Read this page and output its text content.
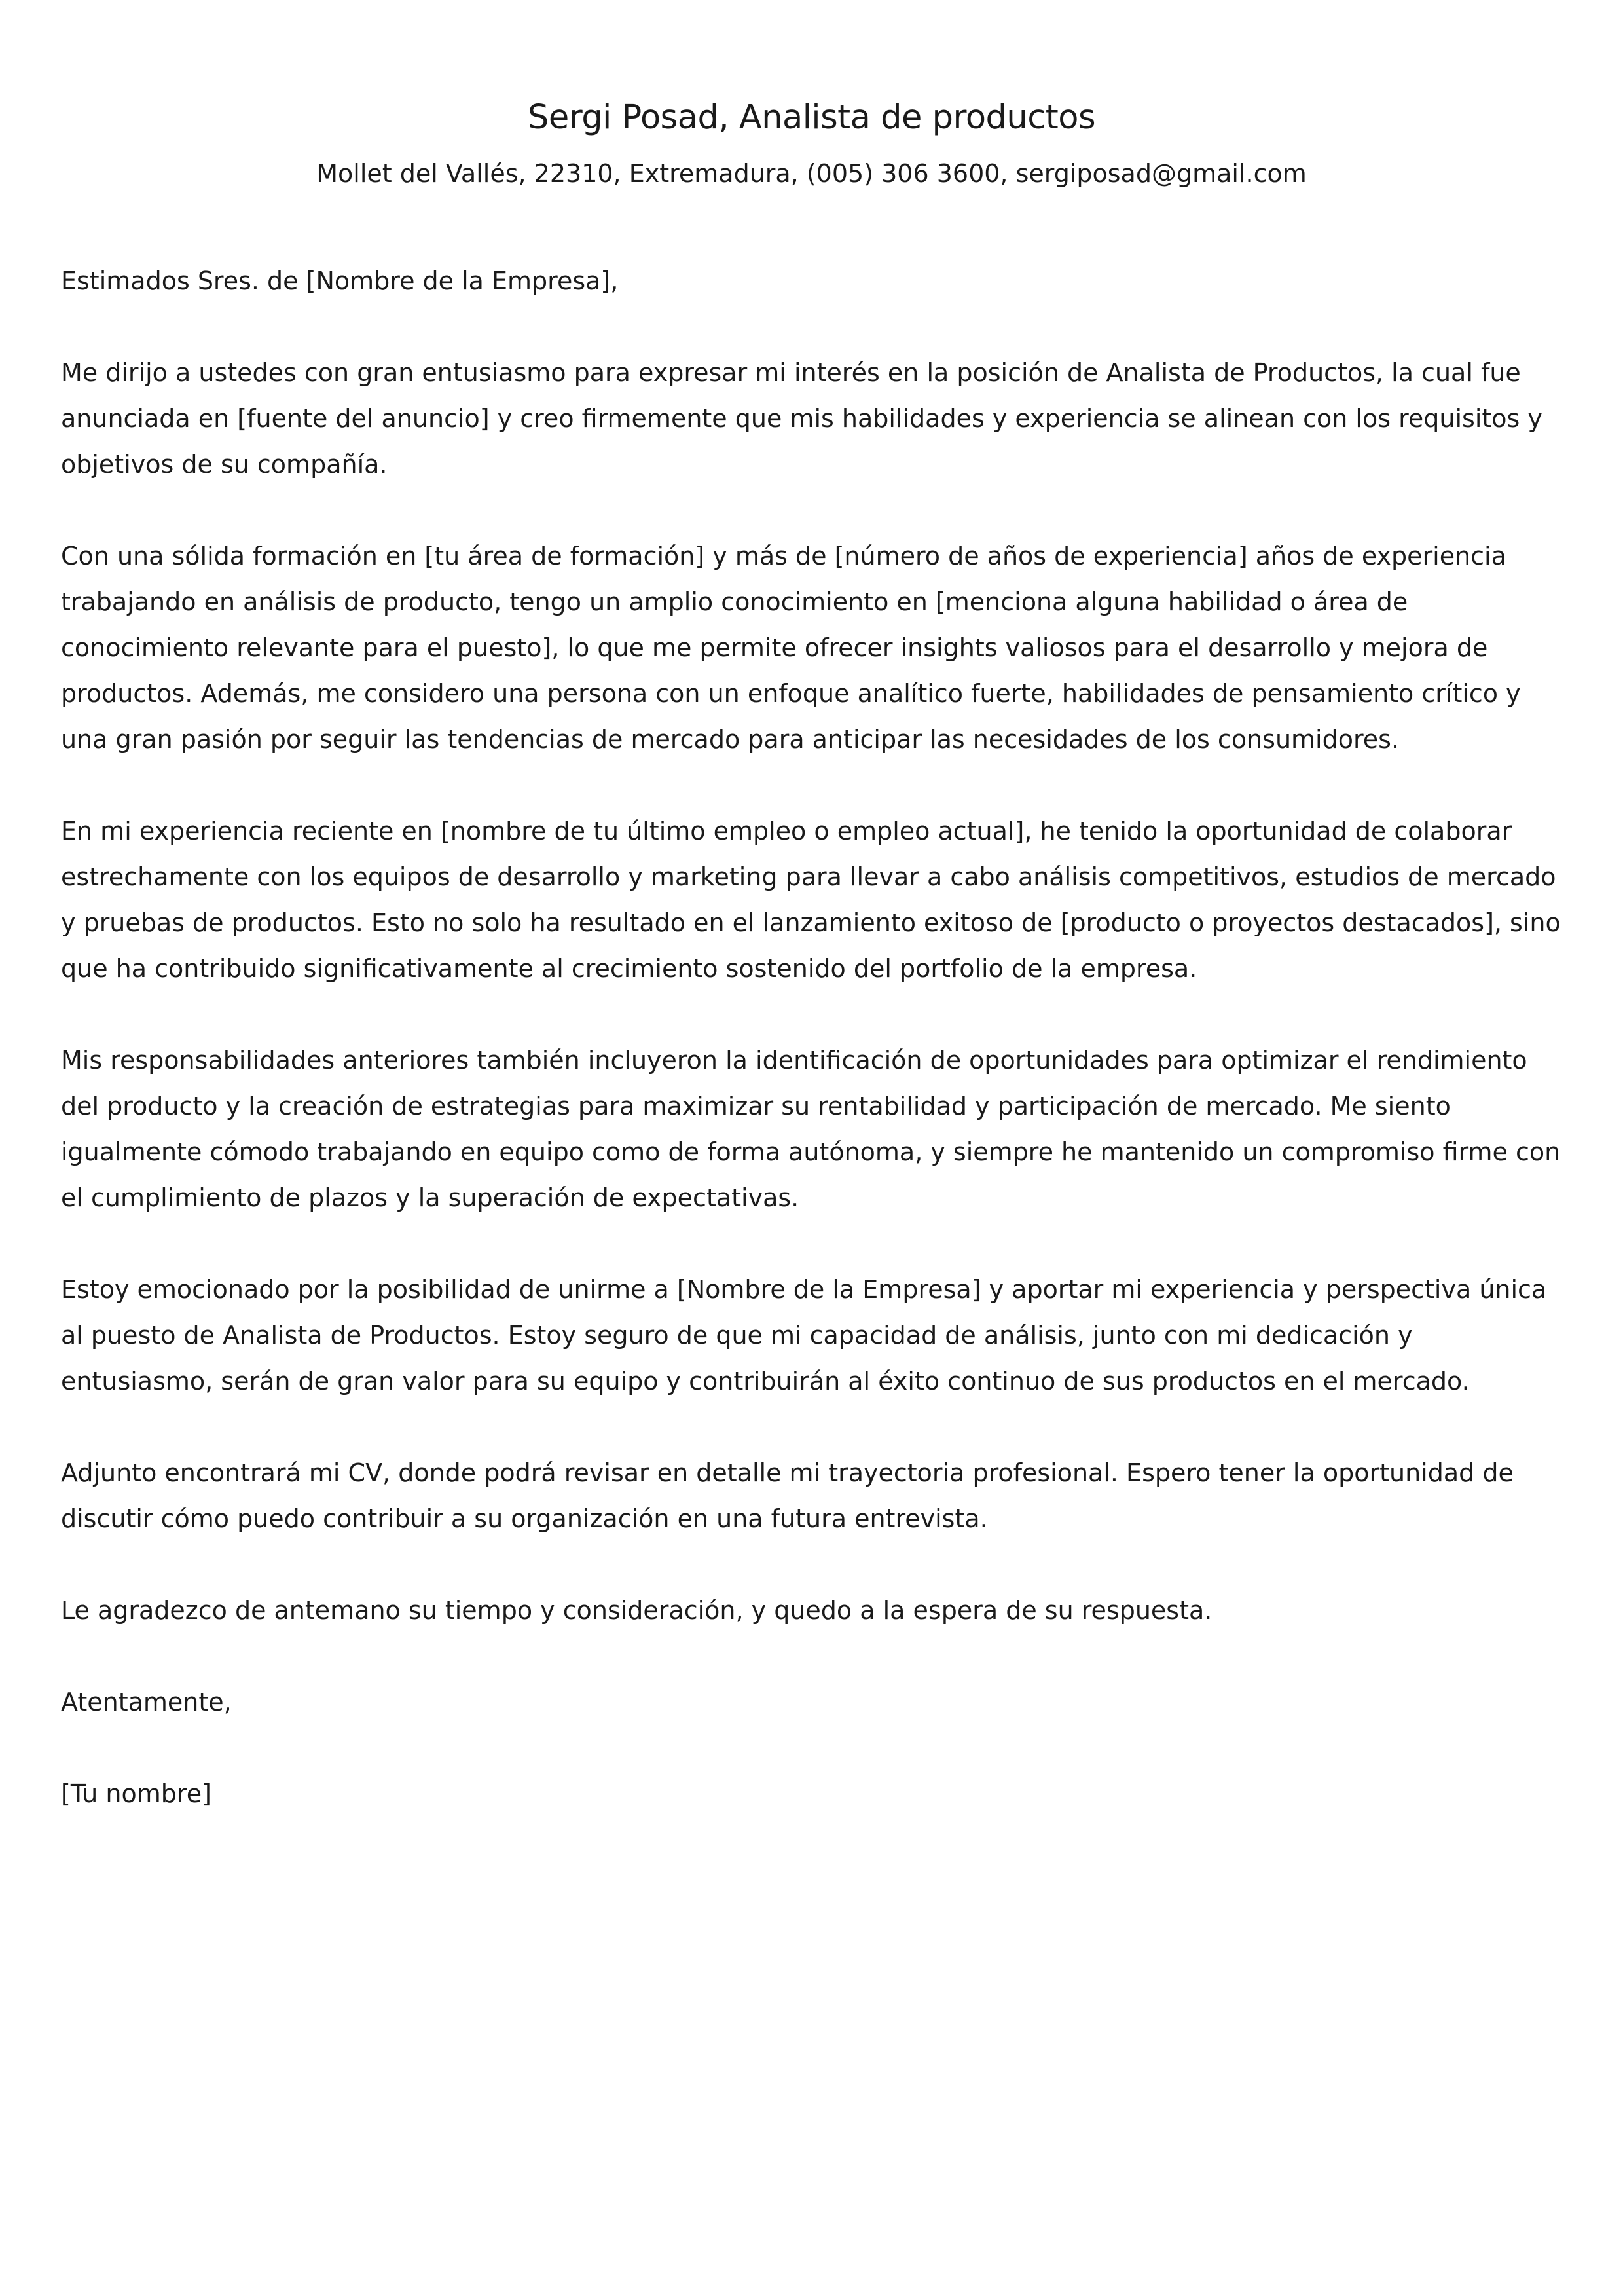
Sergi Posad, Analista de productos

Mollet del Vallés, 22310, Extremadura, (005) 306 3600, sergiposad@gmail.com

Estimados Sres. de [Nombre de la Empresa],

Me dirijo a ustedes con gran entusiasmo para expresar mi interés en la posición de Analista de Productos, la cual fue anunciada en [fuente del anuncio] y creo firmemente que mis habilidades y experiencia se alinean con los requisitos y objetivos de su compañía.

Con una sólida formación en [tu área de formación] y más de [número de años de experiencia] años de experiencia trabajando en análisis de producto, tengo un amplio conocimiento en [menciona alguna habilidad o área de conocimiento relevante para el puesto], lo que me permite ofrecer insights valiosos para el desarrollo y mejora de productos. Además, me considero una persona con un enfoque analítico fuerte, habilidades de pensamiento crítico y una gran pasión por seguir las tendencias de mercado para anticipar las necesidades de los consumidores.

En mi experiencia reciente en [nombre de tu último empleo o empleo actual], he tenido la oportunidad de colaborar estrechamente con los equipos de desarrollo y marketing para llevar a cabo análisis competitivos, estudios de mercado y pruebas de productos. Esto no solo ha resultado en el lanzamiento exitoso de [producto o proyectos destacados], sino que ha contribuido significativamente al crecimiento sostenido del portfolio de la empresa.

Mis responsabilidades anteriores también incluyeron la identificación de oportunidades para optimizar el rendimiento del producto y la creación de estrategias para maximizar su rentabilidad y participación de mercado. Me siento igualmente cómodo trabajando en equipo como de forma autónoma, y siempre he mantenido un compromiso firme con el cumplimiento de plazos y la superación de expectativas.

Estoy emocionado por la posibilidad de unirme a [Nombre de la Empresa] y aportar mi experiencia y perspectiva única al puesto de Analista de Productos. Estoy seguro de que mi capacidad de análisis, junto con mi dedicación y entusiasmo, serán de gran valor para su equipo y contribuirán al éxito continuo de sus productos en el mercado.

Adjunto encontrará mi CV, donde podrá revisar en detalle mi trayectoria profesional. Espero tener la oportunidad de discutir cómo puedo contribuir a su organización en una futura entrevista.

Le agradezco de antemano su tiempo y consideración, y quedo a la espera de su respuesta.

Atentamente,

[Tu nombre]
